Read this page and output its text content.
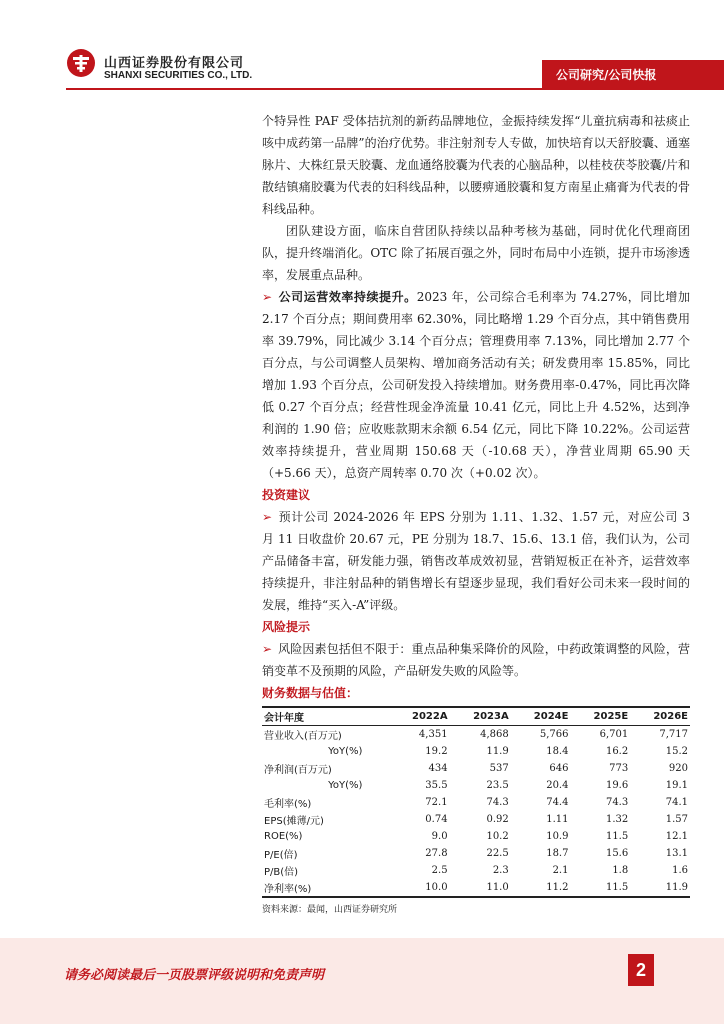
山西证券股份有限公司
SHANXI SECURITIES CO., LTD.	公司研究/公司快报

个特异性 PAF 受体拮抗剂的新药品牌地位，金振持续发挥“儿童抗病毒和祛痰止咳中成药第一品牌”的治疗优势。非注射剂专人专做，加快培育以天舒胶囊、通塞脉片、大株红景天胶囊、龙血通络胶囊为代表的心脑品种，以桂枝茯苓胶囊/片和散结镇痛胶囊为代表的妇科线品种，以腰痹通胶囊和复方南星止痛膏为代表的骨科线品种。

团队建设方面，临床自营团队持续以品种考核为基础，同时优化代理商团队，提升终端消化。OTC 除了拓展百强之外，同时布局中小连锁，提升市场渗透率，发展重点品种。

➢ 公司运营效率持续提升。2023 年，公司综合毛利率为 74.27%，同比增加 2.17 个百分点；期间费用率 62.30%，同比略增 1.29 个百分点，其中销售费用率 39.79%，同比减少 3.14 个百分点；管理费用率 7.13%，同比增加 2.77 个百分点，与公司调整人员架构、增加商务活动有关；研发费用率 15.85%，同比增加 1.93 个百分点，公司研发投入持续增加。财务费用率-0.47%，同比再次降低 0.27 个百分点；经营性现金净流量 10.41 亿元，同比上升 4.52%，达到净利润的 1.90 倍；应收账款期末余额 6.54 亿元，同比下降 10.22%。公司运营效率持续提升，营业周期 150.68 天（-10.68 天），净营业周期 65.90 天（+5.66 天），总资产周转率 0.70 次（+0.02 次）。

投资建议

➢ 预计公司 2024-2026 年 EPS 分别为 1.11、1.32、1.57 元，对应公司 3 月 11 日收盘价 20.67 元，PE 分别为 18.7、15.6、13.1 倍，我们认为，公司产品储备丰富，研发能力强，销售改革成效初显，营销短板正在补齐，运营效率持续提升，非注射品种的销售增长有望逐步显现，我们看好公司未来一段时间的发展，维持“买入-A”评级。

风险提示

➢ 风险因素包括但不限于：重点品种集采降价的风险，中药政策调整的风险，营销变革不及预期的风险，产品研发失败的风险等。

财务数据与估值：

会计年度	2022A	2023A	2024E	2025E	2026E
营业收入(百万元)	4,351	4,868	5,766	6,701	7,717
YoY(%)	19.2	11.9	18.4	16.2	15.2
净利润(百万元)	434	537	646	773	920
YoY(%)	35.5	23.5	20.4	19.6	19.1
毛利率(%)	72.1	74.3	74.4	74.3	74.1
EPS(摊薄/元)	0.74	0.92	1.11	1.32	1.57
ROE(%)	9.0	10.2	10.9	11.5	12.1
P/E(倍)	27.8	22.5	18.7	15.6	13.1
P/B(倍)	2.5	2.3	2.1	1.8	1.6
净利率(%)	10.0	11.0	11.2	11.5	11.9
资料来源：最闻，山西证券研究所
请务必阅读最后一页股票评级说明和免责声明	2
